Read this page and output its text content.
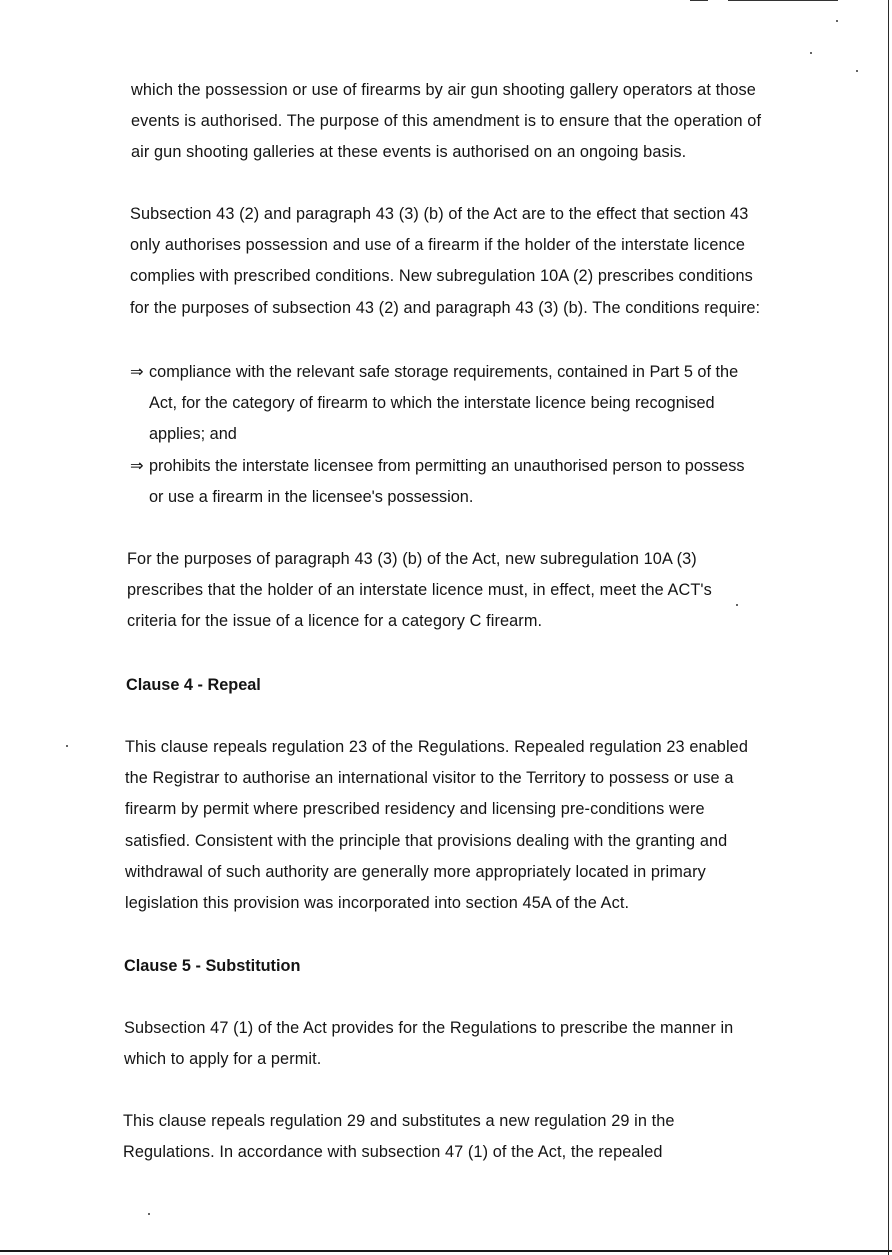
which the possession or use of firearms by air gun shooting gallery operators at those
events is authorised. The purpose of this amendment is to ensure that the operation of
air gun shooting galleries at these events is authorised on an ongoing basis.

Subsection 43 (2) and paragraph 43 (3) (b) of the Act are to the effect that section 43
only authorises possession and use of a firearm if the holder of the interstate licence
complies with prescribed conditions. New subregulation 10A (2) prescribes conditions
for the purposes of subsection 43 (2) and paragraph 43 (3) (b). The conditions require:

⇒ compliance with the relevant safe storage requirements, contained in Part 5 of the
Act, for the category of firearm to which the interstate licence being recognised
applies; and
⇒ prohibits the interstate licensee from permitting an unauthorised person to possess
or use a firearm in the licensee's possession.

For the purposes of paragraph 43 (3) (b) of the Act, new subregulation 10A (3)
prescribes that the holder of an interstate licence must, in effect, meet the ACT's
criteria for the issue of a licence for a category C firearm.

Clause 4 - Repeal

This clause repeals regulation 23 of the Regulations. Repealed regulation 23 enabled
the Registrar to authorise an international visitor to the Territory to possess or use a
firearm by permit where prescribed residency and licensing pre-conditions were
satisfied. Consistent with the principle that provisions dealing with the granting and
withdrawal of such authority are generally more appropriately located in primary
legislation this provision was incorporated into section 45A of the Act.

Clause 5 - Substitution

Subsection 47 (1) of the Act provides for the Regulations to prescribe the manner in
which to apply for a permit.

This clause repeals regulation 29 and substitutes a new regulation 29 in the
Regulations. In accordance with subsection 47 (1) of the Act, the repealed
